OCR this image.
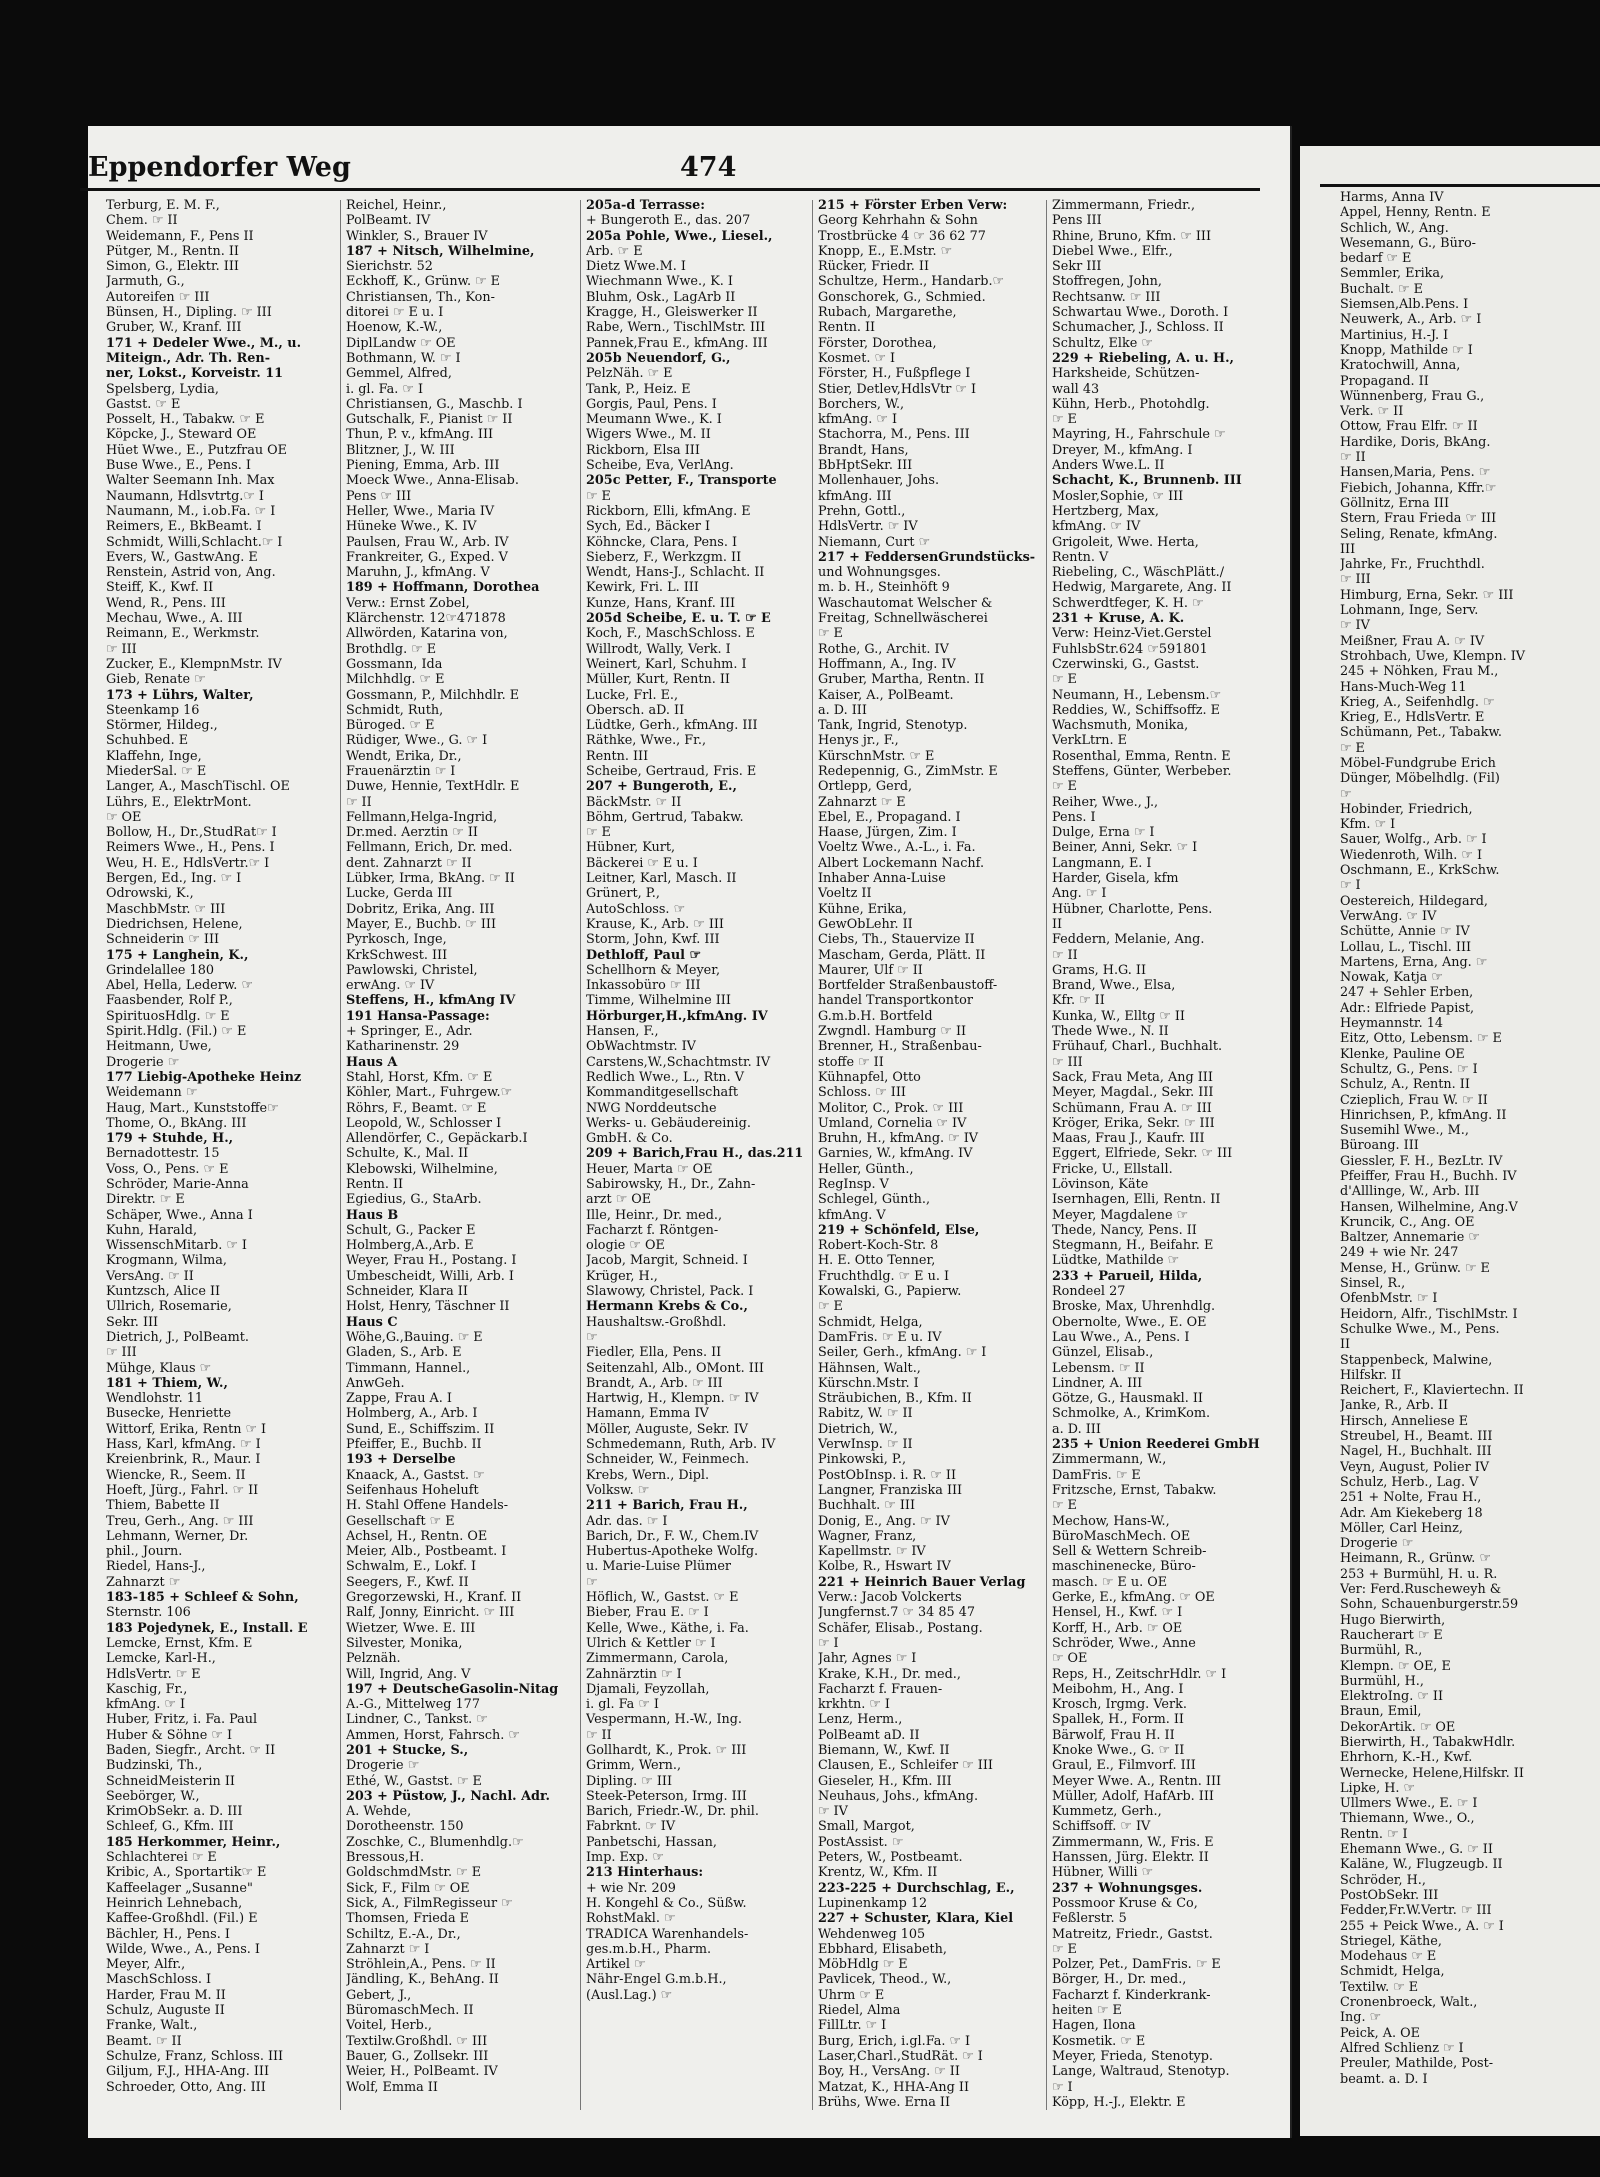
Harms, Anna IV
Appel, Henny, Rentn. E
Schlich, W., Ang.
Wesemann, G., Büro-
bedarf ☞ E
Semmler, Erika,
Buchalt. ☞ E
Siemsen,Alb.Pens. I
Neuwerk, A., Arb. ☞ I
Martinius, H.-J. I
Knopp, Mathilde ☞ I
Kratochwill, Anna,
Propagand. II
Wünnenberg, Frau G.,
Verk. ☞ II
Ottow, Frau Elfr. ☞ II
Hardike, Doris, BkAng.
☞ II
Hansen,Maria, Pens. ☞
Fiebich, Johanna, Kffr.☞
Göllnitz, Erna III
Stern, Frau Frieda ☞ III
Seling, Renate, kfmAng.
III
Jahrke, Fr., Fruchthdl.
☞ III
Himburg, Erna, Sekr. ☞ III
Lohmann, Inge, Serv.
☞ IV
Meißner, Frau A. ☞ IV
Strohbach, Uwe, Klempn. IV
245 + Nöhken, Frau M.,
Hans-Much-Weg 11
Krieg, A., Seifenhdlg. ☞
Krieg, E., HdlsVertr. E
Schümann, Pet., Tabakw.
☞ E
Möbel-Fundgrube Erich
Dünger, Möbelhdlg. (Fil)
☞
Hobinder, Friedrich,
Kfm. ☞ I
Sauer, Wolfg., Arb. ☞ I
Wiedenroth, Wilh. ☞ I
Oschmann, E., KrkSchw.
☞ I
Oestereich, Hildegard,
VerwAng. ☞ IV
Schütte, Annie ☞ IV
Lollau, L., Tischl. III
Martens, Erna, Ang. ☞
Nowak, Katja ☞
247 + Sehler Erben,
Adr.: Elfriede Papist,
Heymannstr. 14
Eitz, Otto, Lebensm. ☞ E
Klenke, Pauline OE
Schultz, G., Pens. ☞ I
Schulz, A., Rentn. II
Czieplich, Frau W. ☞ II
Hinrichsen, P., kfmAng. II
Susemihl Wwe., M.,
Büroang. III
Giessler, F. H., BezLtr. IV
Pfeiffer, Frau H., Buchh. IV
d'Alllinge, W., Arb. III
Hansen, Wilhelmine, Ang.V
Kruncik, C., Ang. OE
Baltzer, Annemarie ☞
249 + wie Nr. 247
Mense, H., Grünw. ☞ E
Sinsel, R.,
OfenbMstr. ☞ I
Heidorn, Alfr., TischlMstr. I
Schulke Wwe., M., Pens.
II
Stappenbeck, Malwine,
Hilfskr. II
Reichert, F., Klaviertechn. II
Janke, R., Arb. II
Hirsch, Anneliese E
Streubel, H., Beamt. III
Nagel, H., Buchhalt. III
Veyn, August, Polier IV
Schulz, Herb., Lag. V
251 + Nolte, Frau H.,
Adr. Am Kiekeberg 18
Möller, Carl Heinz,
Drogerie ☞
Heimann, R., Grünw. ☞
253 + Burmühl, H. u. R.
Ver: Ferd.Ruscheweyh &
Sohn, Schauenburgerstr.59
Hugo Bierwirth,
Raucherart ☞ E
Burmühl, R.,
Klempn. ☞ OE, E
Burmühl, H.,
ElektroIng. ☞ II
Braun, Emil,
DekorArtik. ☞ OE
Bierwirth, H., TabakwHdlr.
Ehrhorn, K.-H., Kwf.
Wernecke, Helene,Hilfskr. II
Lipke, H. ☞
Ullmers Wwe., E. ☞ I
Thiemann, Wwe., O.,
Rentn. ☞ I
Ehemann Wwe., G. ☞ II
Kaläne, W., Flugzeugb. II
Schröder, H.,
PostObSekr. III
Fedder,Fr.W.Vertr. ☞ III
255 + Peick Wwe., A. ☞ I
Striegel, Käthe,
Modehaus ☞ E
Schmidt, Helga,
Textilw. ☞ E
Cronenbroeck, Walt.,
Ing. ☞
Peick, A. OE
Alfred Schlienz ☞ I
Preuler, Mathilde, Post-
beamt. a. D. I
Eppendorfer Weg	474
Terburg, E. M. F.,
Chem. ☞ II
Weidemann, F., Pens II
Pütger, M., Rentn. II
Simon, G., Elektr. III
Jarmuth, G.,
Autoreifen ☞ III
Bünsen, H., Dipling. ☞ III
Gruber, W., Kranf. III
171 + Dedeler Wwe., M., u.
Miteign., Adr. Th. Ren-
ner, Lokst., Korveistr. 11
Spelsberg, Lydia,
Gastst. ☞ E
Posselt, H., Tabakw. ☞ E
Köpcke, J., Steward OE
Hüet Wwe., E., Putzfrau OE
Buse Wwe., E., Pens. I
Walter Seemann Inh. Max
Naumann, Hdlsvtrtg.☞ I
Naumann, M., i.ob.Fa. ☞ I
Reimers, E., BkBeamt. I
Schmidt, Willi,Schlacht.☞ I
Evers, W., GastwAng. E
Renstein, Astrid von, Ang.
Steiff, K., Kwf. II
Wend, R., Pens. III
Mechau, Wwe., A. III
Reimann, E., Werkmstr.
☞ III
Zucker, E., KlempnMstr. IV
Gieb, Renate ☞
173 + Lührs, Walter,
Steenkamp 16
Störmer, Hildeg.,
Schuhbed. E
Klaffehn, Inge,
MiederSal. ☞ E
Langer, A., MaschTischl. OE
Lührs, E., ElektrMont.
☞ OE
Bollow, H., Dr.,StudRat☞ I
Reimers Wwe., H., Pens. I
Weu, H. E., HdlsVertr.☞ I
Bergen, Ed., Ing. ☞ I
Odrowski, K.,
MaschbMstr. ☞ III
Diedrichsen, Helene,
Schneiderin ☞ III
175 + Langhein, K.,
Grindelallee 180
Abel, Hella, Lederw. ☞
Faasbender, Rolf P.,
SpirituosHdlg. ☞ E
Spirit.Hdlg. (Fil.) ☞ E
Heitmann, Uwe,
Drogerie ☞
177 Liebig-Apotheke Heinz
Weidemann ☞
Haug, Mart., Kunststoffe☞
Thome, O., BkAng. III
179 + Stuhde, H.,
Bernadottestr. 15
Voss, O., Pens. ☞ E
Schröder, Marie-Anna
Direktr. ☞ E
Schäper, Wwe., Anna I
Kuhn, Harald,
WissenschMitarb. ☞ I
Krogmann, Wilma,
VersAng. ☞ II
Kuntzsch, Alice II
Ullrich, Rosemarie,
Sekr. III
Dietrich, J., PolBeamt.
☞ III
Mühge, Klaus ☞
181 + Thiem, W.,
Wendlohstr. 11
Busecke, Henriette
Wittorf, Erika, Rentn ☞ I
Hass, Karl, kfmAng. ☞ I
Kreienbrink, R., Maur. I
Wiencke, R., Seem. II
Hoeft, Jürg., Fahrl. ☞ II
Thiem, Babette II
Treu, Gerh., Ang. ☞ III
Lehmann, Werner, Dr.
phil., Journ.
Riedel, Hans-J.,
Zahnarzt ☞
183-185 + Schleef & Sohn,
Sternstr. 106
183 Pojedynek, E., Install. E
Lemcke, Ernst, Kfm. E
Lemcke, Karl-H.,
HdlsVertr. ☞ E
Kaschig, Fr.,
kfmAng. ☞ I
Huber, Fritz, i. Fa. Paul
Huber & Söhne ☞ I
Baden, Siegfr., Archt. ☞ II
Budzinski, Th.,
SchneidMeisterin II
Seebörger, W.,
KrimObSekr. a. D. III
Schleef, G., Kfm. III
185 Herkommer, Heinr.,
Schlachterei ☞ E
Kribic, A., Sportartik☞ E
Kaffeelager „Susanne"
Heinrich Lehnebach,
Kaffee-Großhdl. (Fil.) E
Bächler, H., Pens. I
Wilde, Wwe., A., Pens. I
Meyer, Alfr.,
MaschSchloss. I
Harder, Frau M. II
Schulz, Auguste II
Franke, Walt.,
Beamt. ☞ II
Schulze, Franz, Schloss. III
Giljum, F.J., HHA-Ang. III
Schroeder, Otto, Ang. III
Reichel, Heinr.,
PolBeamt. IV
Winkler, S., Brauer IV
187 + Nitsch, Wilhelmine,
Sierichstr. 52
Eckhoff, K., Grünw. ☞ E
Christiansen, Th., Kon-
ditorei ☞ E u. I
Hoenow, K.-W.,
DiplLandw ☞ OE
Bothmann, W. ☞ I
Gemmel, Alfred,
i. gl. Fa. ☞ I
Christiansen, G., Maschb. I
Gutschalk, F., Pianist ☞ II
Thun, P. v., kfmAng. III
Blitzner, J., W. III
Piening, Emma, Arb. III
Moeck Wwe., Anna-Elisab.
Pens ☞ III
Heller, Wwe., Maria IV
Hüneke Wwe., K. IV
Paulsen, Frau W., Arb. IV
Frankreiter, G., Exped. V
Maruhn, J., kfmAng. V
189 + Hoffmann, Dorothea
Verw.: Ernst Zobel,
Klärchenstr. 12☞471878
Allwörden, Katarina von,
Brothdlg. ☞ E
Gossmann, Ida
Milchhdlg. ☞ E
Gossmann, P., Milchhdlr. E
Schmidt, Ruth,
Büroged. ☞ E
Rüdiger, Wwe., G. ☞ I
Wendt, Erika, Dr.,
Frauenärztin ☞ I
Duwe, Hennie, TextHdlr. E
☞ II
Fellmann,Helga-Ingrid,
Dr.med. Aerztin ☞ II
Fellmann, Erich, Dr. med.
dent. Zahnarzt ☞ II
Lübker, Irma, BkAng. ☞ II
Lucke, Gerda III
Dobritz, Erika, Ang. III
Mayer, E., Buchb. ☞ III
Pyrkosch, Inge,
KrkSchwest. III
Pawlowski, Christel,
erwAng. ☞ IV
Steffens, H., kfmAng IV
191 Hansa-Passage:
+ Springer, E., Adr.
Katharinenstr. 29
Haus A
Stahl, Horst, Kfm. ☞ E
Köhler, Mart., Fuhrgew.☞
Röhrs, F., Beamt. ☞ E
Leopold, W., Schlosser I
Allendörfer, C., Gepäckarb.I
Schulte, K., Mal. II
Klebowski, Wilhelmine,
Rentn. II
Egiedius, G., StaArb.
Haus B
Schult, G., Packer E
Holmberg,A.,Arb. E
Weyer, Frau H., Postang. I
Umbescheidt, Willi, Arb. I
Schneider, Klara II
Holst, Henry, Täschner II
Haus C
Wöhe,G.,Bauing. ☞ E
Gladen, S., Arb. E
Timmann, Hannel.,
AnwGeh.
Zappe, Frau A. I
Holmberg, A., Arb. I
Sund, E., Schiffszim. II
Pfeiffer, E., Buchb. II
193 + Derselbe
Knaack, A., Gastst. ☞
Seifenhaus Hoheluft
H. Stahl Offene Handels-
Gesellschaft ☞ E
Achsel, H., Rentn. OE
Meier, Alb., Postbeamt. I
Schwalm, E., Lokf. I
Seegers, F., Kwf. II
Gregorzewski, H., Kranf. II
Ralf, Jonny, Einricht. ☞ III
Wietzer, Wwe. E. III
Silvester, Monika,
Pelznäh.
Will, Ingrid, Ang. V
197 + DeutscheGasolin-Nitag
A.-G., Mittelweg 177
Lindner, C., Tankst. ☞
Ammen, Horst, Fahrsch. ☞
201 + Stucke, S.,
Drogerie ☞
Ethé, W., Gastst. ☞ E
203 + Püstow, J., Nachl. Adr.
A. Wehde,
Dorotheenstr. 150
Zoschke, C., Blumenhdlg.☞
Bressous,H.
GoldschmdMstr. ☞ E
Sick, F., Film ☞ OE
Sick, A., FilmRegisseur ☞
Thomsen, Frieda E
Schiltz, E.-A., Dr.,
Zahnarzt ☞ I
Ströhlein,A., Pens. ☞ II
Jändling, K., BehAng. II
Gebert, J.,
BüromaschMech. II
Voitel, Herb.,
Textilw.Großhdl. ☞ III
Bauer, G., Zollsekr. III
Weier, H., PolBeamt. IV
Wolf, Emma II
205a-d Terrasse:
+ Bungeroth E., das. 207
205a Pohle, Wwe., Liesel.,
Arb. ☞ E
Dietz Wwe.M. I
Wiechmann Wwe., K. I
Bluhm, Osk., LagArb II
Kragge, H., Gleiswerker II
Rabe, Wern., TischlMstr. III
Pannek,Frau E., kfmAng. III
205b Neuendorf, G.,
PelzNäh. ☞ E
Tank, P., Heiz. E
Gorgis, Paul, Pens. I
Meumann Wwe., K. I
Wigers Wwe., M. II
Rickborn, Elsa III
Scheibe, Eva, VerlAng.
205c Petter, F., Transporte
☞ E
Rickborn, Elli, kfmAng. E
Sych, Ed., Bäcker I
Köhncke, Clara, Pens. I
Sieberz, F., Werkzgm. II
Wendt, Hans-J., Schlacht. II
Kewirk, Fri. L. III
Kunze, Hans, Kranf. III
205d Scheibe, E. u. T. ☞ E
Koch, F., MaschSchloss. E
Willrodt, Wally, Verk. I
Weinert, Karl, Schuhm. I
Müller, Kurt, Rentn. II
Lucke, Frl. E.,
Obersch. aD. II
Lüdtke, Gerh., kfmAng. III
Räthke, Wwe., Fr.,
Rentn. III
Scheibe, Gertraud, Fris. E
207 + Bungeroth, E.,
BäckMstr. ☞ II
Böhm, Gertrud, Tabakw.
☞ E
Hübner, Kurt,
Bäckerei ☞ E u. I
Leitner, Karl, Masch. II
Grünert, P.,
AutoSchloss. ☞
Krause, K., Arb. ☞ III
Storm, John, Kwf. III
Dethloff, Paul ☞
Schellhorn & Meyer,
Inkassobüro ☞ III
Timme, Wilhelmine III
Hörburger,H.,kfmAng. IV
Hansen, F.,
ObWachtmstr. IV
Carstens,W.,Schachtmstr. IV
Redlich Wwe., L., Rtn. V
Kommanditgesellschaft
NWG Norddeutsche
Werks- u. Gebäudereinig.
GmbH. & Co.
209 + Barich,Frau H., das.211
Heuer, Marta ☞ OE
Sabirowsky, H., Dr., Zahn-
arzt ☞ OE
Ille, Heinr., Dr. med.,
Facharzt f. Röntgen-
ologie ☞ OE
Jacob, Margit, Schneid. I
Krüger, H.,
Slawowy, Christel, Pack. I
Hermann Krebs & Co.,
Haushaltsw.-Großhdl.
☞
Fiedler, Ella, Pens. II
Seitenzahl, Alb., OMont. III
Brandt, A., Arb. ☞ III
Hartwig, H., Klempn. ☞ IV
Hamann, Emma IV
Möller, Auguste, Sekr. IV
Schmedemann, Ruth, Arb. IV
Schneider, W., Feinmech.
Krebs, Wern., Dipl.
Volksw. ☞
211 + Barich, Frau H.,
Adr. das. ☞ I
Barich, Dr., F. W., Chem.IV
Hubertus-Apotheke Wolfg.
u. Marie-Luise Plümer
☞
Höflich, W., Gastst. ☞ E
Bieber, Frau E. ☞ I
Kelle, Wwe., Käthe, i. Fa.
Ulrich & Kettler ☞ I
Zimmermann, Carola,
Zahnärztin ☞ I
Djamali, Feyzollah,
i. gl. Fa ☞ I
Vespermann, H.-W., Ing.
☞ II
Gollhardt, K., Prok. ☞ III
Grimm, Wern.,
Dipling. ☞ III
Steek-Peterson, Irmg. III
Barich, Friedr.-W., Dr. phil.
Fabrknt. ☞ IV
Panbetschi, Hassan,
Imp. Exp. ☞
213 Hinterhaus:
+ wie Nr. 209
H. Kongehl & Co., Süßw.
RohstMakl. ☞
TRADICA Warenhandels-
ges.m.b.H., Pharm.
Artikel ☞
Nähr-Engel G.m.b.H.,
(Ausl.Lag.) ☞
215 + Förster Erben Verw:
Georg Kehrhahn & Sohn
Trostbrücke 4 ☞ 36 62 77
Knopp, E., E.Mstr. ☞
Rücker, Friedr. II
Schultze, Herm., Handarb.☞
Gonschorek, G., Schmied.
Rubach, Margarethe,
Rentn. II
Förster, Dorothea,
Kosmet. ☞ I
Förster, H., Fußpflege I
Stier, Detlev,HdlsVtr ☞ I
Borchers, W.,
kfmAng. ☞ I
Stachorra, M., Pens. III
Brandt, Hans,
BbHptSekr. III
Mollenhauer, Johs.
kfmAng. III
Prehn, Gottl.,
HdlsVertr. ☞ IV
Niemann, Curt ☞
217 + FeddersenGrundstücks-
und Wohnungsges.
m. b. H., Steinhöft 9
Waschautomat Welscher &
Freitag, Schnellwäscherei
☞ E
Rothe, G., Archit. IV
Hoffmann, A., Ing. IV
Gruber, Martha, Rentn. II
Kaiser, A., PolBeamt.
a. D. III
Tank, Ingrid, Stenotyp.
Henys jr., F.,
KürschnMstr. ☞ E
Redepennig, G., ZimMstr. E
Ortlepp, Gerd,
Zahnarzt ☞ E
Ebel, E., Propagand. I
Haase, Jürgen, Zim. I
Voeltz Wwe., A.-L., i. Fa.
Albert Lockemann Nachf.
Inhaber Anna-Luise
Voeltz II
Kühne, Erika,
GewObLehr. II
Ciebs, Th., Stauervize II
Mascham, Gerda, Plätt. II
Maurer, Ulf ☞ II
Bortfelder Straßenbaustoff-
handel Transportkontor
G.m.b.H. Bortfeld
Zwgndl. Hamburg ☞ II
Brenner, H., Straßenbau-
stoffe ☞ II
Kühnapfel, Otto
Schloss. ☞ III
Molitor, C., Prok. ☞ III
Umland, Cornelia ☞ IV
Bruhn, H., kfmAng. ☞ IV
Garnies, W., kfmAng. IV
Heller, Günth.,
RegInsp. V
Schlegel, Günth.,
kfmAng. V
219 + Schönfeld, Else,
Robert-Koch-Str. 8
H. E. Otto Tenner,
Fruchthdlg. ☞ E u. I
Kowalski, G., Papierw.
☞ E
Schmidt, Helga,
DamFris. ☞ E u. IV
Seiler, Gerh., kfmAng. ☞ I
Hähnsen, Walt.,
Kürschn.Mstr. I
Sträubichen, B., Kfm. II
Rabitz, W. ☞ II
Dietrich, W.,
VerwInsp. ☞ II
Pinkowski, P.,
PostObInsp. i. R. ☞ II
Langner, Franziska III
Buchhalt. ☞ III
Donig, E., Ang. ☞ IV
Wagner, Franz,
Kapellmstr. ☞ IV
Kolbe, R., Hswart IV
221 + Heinrich Bauer Verlag
Verw.: Jacob Volckerts
Jungfernst.7 ☞ 34 85 47
Schäfer, Elisab., Postang.
☞ I
Jahr, Agnes ☞ I
Krake, K.H., Dr. med.,
Facharzt f. Frauen-
krkhtn. ☞ I
Lenz, Herm.,
PolBeamt aD. II
Biemann, W., Kwf. II
Clausen, E., Schleifer ☞ III
Gieseler, H., Kfm. III
Neuhaus, Johs., kfmAng.
☞ IV
Small, Margot,
PostAssist. ☞
Peters, W., Postbeamt.
Krentz, W., Kfm. II
223-225 + Durchschlag, E.,
Lupinenkamp 12
227 + Schuster, Klara, Kiel
Wehdenweg 105
Ebbhard, Elisabeth,
MöbHdlg ☞ E
Pavlicek, Theod., W.,
Uhrm ☞ E
Riedel, Alma
FillLtr. ☞ I
Burg, Erich, i.gl.Fa. ☞ I
Laser,Charl.,StudRät. ☞ I
Boy, H., VersAng. ☞ II
Matzat, K., HHA-Ang II
Brühs, Wwe. Erna II
Zimmermann, Friedr.,
Pens III
Rhine, Bruno, Kfm. ☞ III
Diebel Wwe., Elfr.,
Sekr III
Stoffregen, John,
Rechtsanw. ☞ III
Schwartau Wwe., Doroth. I
Schumacher, J., Schloss. II
Schultz, Elke ☞
229 + Riebeling, A. u. H.,
Harksheide, Schützen-
wall 43
Kühn, Herb., Photohdlg.
☞ E
Mayring, H., Fahrschule ☞
Dreyer, M., kfmAng. I
Anders Wwe.L. II
Schacht, K., Brunnenb. III
Mosler,Sophie, ☞ III
Hertzberg, Max,
kfmAng. ☞ IV
Grigoleit, Wwe. Herta,
Rentn. V
Riebeling, C., WäschPlätt./
Hedwig, Margarete, Ang. II
Schwerdtfeger, K. H. ☞
231 + Kruse, A. K.
Verw: Heinz-Viet.Gerstel
FuhlsbStr.624 ☞591801
Czerwinski, G., Gastst.
☞ E
Neumann, H., Lebensm.☞
Reddies, W., Schiffsoffz. E
Wachsmuth, Monika,
VerkLtrn. E
Rosenthal, Emma, Rentn. E
Steffens, Günter, Werbeber.
☞ E
Reiher, Wwe., J.,
Pens. I
Dulge, Erna ☞ I
Beiner, Anni, Sekr. ☞ I
Langmann, E. I
Harder, Gisela, kfm
Ang. ☞ I
Hübner, Charlotte, Pens.
II
Feddern, Melanie, Ang.
☞ II
Grams, H.G. II
Brand, Wwe., Elsa,
Kfr. ☞ II
Kunka, W., Elltg ☞ II
Thede Wwe., N. II
Frühauf, Charl., Buchhalt.
☞ III
Sack, Frau Meta, Ang III
Meyer, Magdal., Sekr. III
Schümann, Frau A. ☞ III
Kröger, Erika, Sekr. ☞ III
Maas, Frau J., Kaufr. III
Eggert, Elfriede, Sekr. ☞ III
Fricke, U., Ellstall.
Lövinson, Käte
Isernhagen, Elli, Rentn. II
Meyer, Magdalene ☞
Thede, Nancy, Pens. II
Stegmann, H., Beifahr. E
Lüdtke, Mathilde ☞
233 + Parueil, Hilda,
Rondeel 27
Broske, Max, Uhrenhdlg.
Obernolte, Wwe., E. OE
Lau Wwe., A., Pens. I
Günzel, Elisab.,
Lebensm. ☞ II
Lindner, A. III
Götze, G., Hausmakl. II
Schmolke, A., KrimKom.
a. D. III
235 + Union Reederei GmbH
Zimmermann, W.,
DamFris. ☞ E
Fritzsche, Ernst, Tabakw.
☞ E
Mechow, Hans-W.,
BüroMaschMech. OE
Sell & Wettern Schreib-
maschinenecke, Büro-
masch. ☞ E u. OE
Gerke, E., kfmAng. ☞ OE
Hensel, H., Kwf. ☞ I
Korff, H., Arb. ☞ OE
Schröder, Wwe., Anne
☞ OE
Reps, H., ZeitschrHdlr. ☞ I
Meibohm, H., Ang. I
Krosch, Irgmg. Verk.
Spallek, H., Form. II
Bärwolf, Frau H. II
Knoke Wwe., G. ☞ II
Graul, E., Filmvorf. III
Meyer Wwe. A., Rentn. III
Müller, Adolf, HafArb. III
Kummetz, Gerh.,
Schiffsoff. ☞ IV
Zimmermann, W., Fris. E
Hanssen, Jürg. Elektr. II
Hübner, Willi ☞
237 + Wohnungsges.
Possmoor Kruse & Co,
Feßlerstr. 5
Matreitz, Friedr., Gastst.
☞ E
Polzer, Pet., DamFris. ☞ E
Börger, H., Dr. med.,
Facharzt f. Kinderkrank-
heiten ☞ E
Hagen, Ilona
Kosmetik. ☞ E
Meyer, Frieda, Stenotyp.
Lange, Waltraud, Stenotyp.
☞ I
Köpp, H.-J., Elektr. E
